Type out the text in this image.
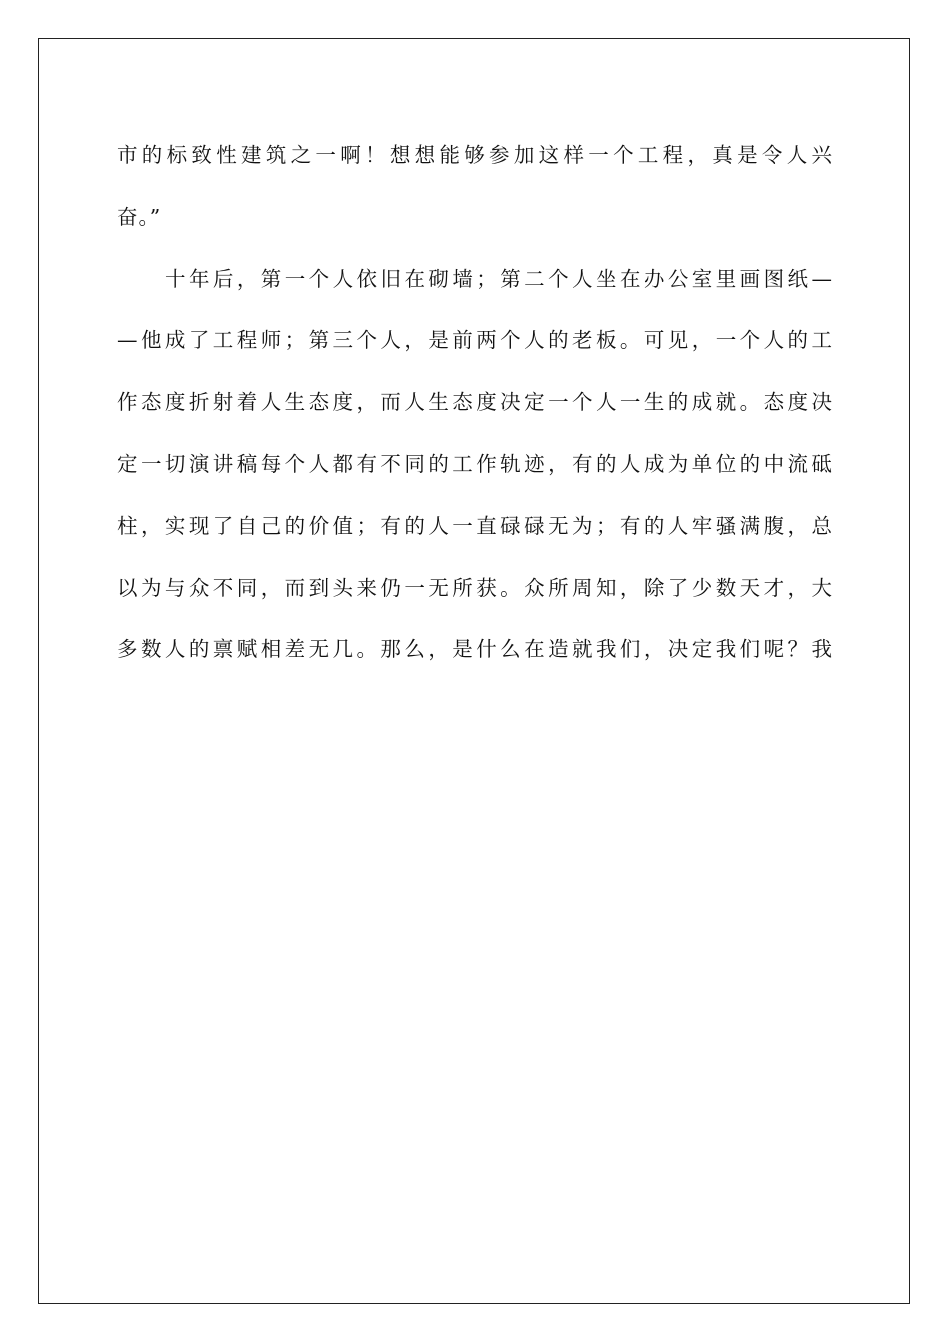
市的标致性建筑之一啊！想想能够参加这样一个工程，真是令人兴
奋。”
十年后，第一个人依旧在砌墙；第二个人坐在办公室里画图纸—
—他成了工程师；第三个人，是前两个人的老板。可见，一个人的工
作态度折射着人生态度，而人生态度决定一个人一生的成就。态度决
定一切演讲稿每个人都有不同的工作轨迹，有的人成为单位的中流砥
柱，实现了自己的价值；有的人一直碌碌无为；有的人牢骚满腹，总
以为与众不同，而到头来仍一无所获。众所周知，除了少数天才，大
多数人的禀赋相差无几。那么，是什么在造就我们，决定我们呢？我
